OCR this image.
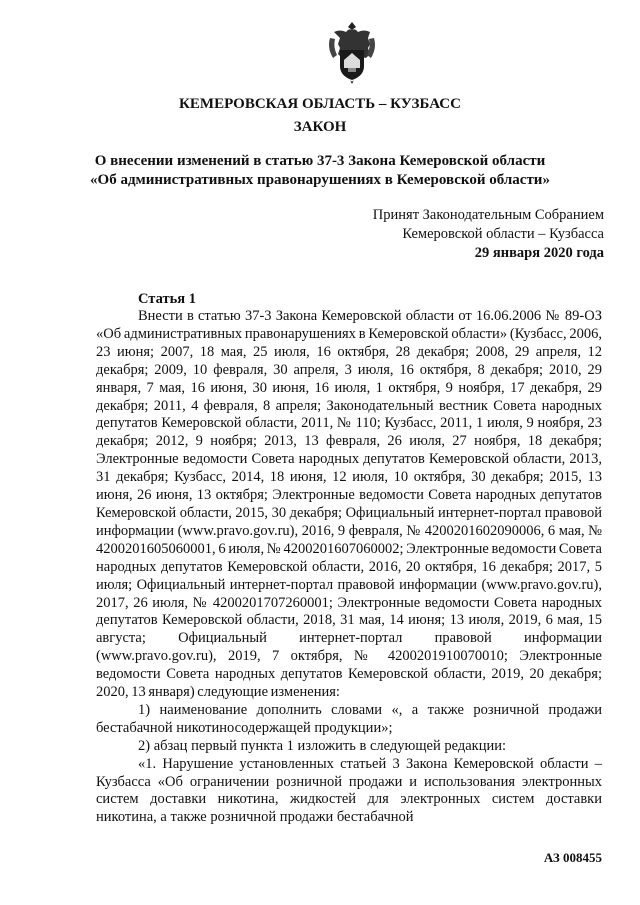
КЕМЕРОВСКАЯ ОБЛАСТЬ – КУЗБАСС
ЗАКОН
О внесении изменений в статью 37-3 Закона Кемеровской области
«Об административных правонарушениях в Кемеровской области»
Принят Законодательным Собранием
Кемеровской области – Кузбасса
29 января 2020 года
Статья 1

Внести в статью 37-3 Закона Кемеровской области от 16.06.2006 № 89-ОЗ «Об административных правонарушениях в Кемеровской области» (Кузбасс, 2006, 23 июня; 2007, 18 мая, 25 июля, 16 октября, 28 декабря; 2008, 29 апреля, 12 декабря; 2009, 10 февраля, 30 апреля, 3 июля, 16 октября, 8 декабря; 2010, 29 января, 7 мая, 16 июня, 30 июня, 16 июля, 1 октября, 9 ноября, 17 декабря, 29 декабря; 2011, 4 февраля, 8 апреля; Законодательный вестник Совета народных депутатов Кемеровской области, 2011, № 110; Кузбасс, 2011, 1 июля, 9 ноября, 23 декабря; 2012, 9 ноября; 2013, 13 февраля, 26 июля, 27 ноября, 18 декабря; Электронные ведомости Совета народных депутатов Кемеровской области, 2013, 31 декабря; Кузбасс, 2014, 18 июня, 12 июля, 10 октября, 30 декабря; 2015, 13 июня, 26 июня, 13 октября; Электронные ведомости Совета народных депутатов Кемеровской области, 2015, 30 декабря; Официальный интернет-портал правовой информации (www.pravo.gov.ru), 2016, 9 февраля, № 4200201602090006, 6 мая, № 4200201605060001, 6 июля, № 4200201607060002; Электронные ведомости Совета народных депутатов Кемеровской области, 2016, 20 октября, 16 декабря; 2017, 5 июля; Официальный интернет-портал правовой информации (www.pravo.gov.ru), 2017, 26 июля, № 4200201707260001; Электронные ведомости Совета народных депутатов Кемеровской области, 2018, 31 мая, 14 июня; 13 июля, 2019, 6 мая, 15 августа; Официальный интернет-портал правовой информации (www.pravo.gov.ru), 2019, 7 октября, № 4200201910070010; Электронные ведомости Совета народных депутатов Кемеровской области, 2019, 20 декабря; 2020, 13 января) следующие изменения:

1) наименование дополнить словами «, а также розничной продажи бестабачной никотиносодержащей продукции»;

2) абзац первый пункта 1 изложить в следующей редакции:

«1. Нарушение установленных статьей 3 Закона Кемеровской области – Кузбасса «Об ограничении розничной продажи и использования электронных систем доставки никотина, жидкостей для электронных систем доставки никотина, а также розничной продажи бестабачной

АЗ 008455
